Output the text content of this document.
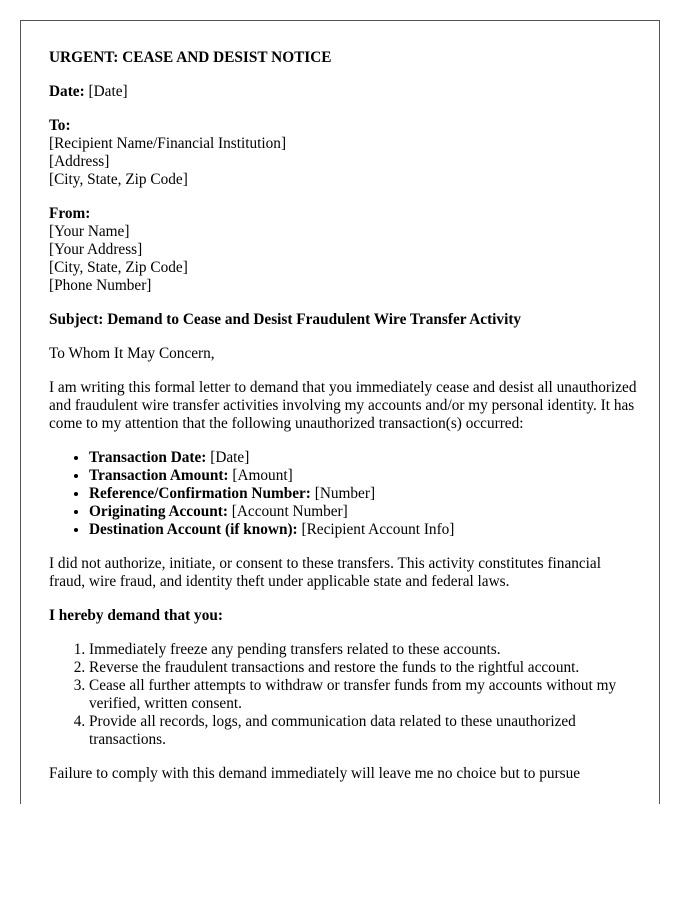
URGENT: CEASE AND DESIST NOTICE

Date: [Date]

To:
[Recipient Name/Financial Institution]
[Address]
[City, State, Zip Code]
From:
[Your Name]
[Your Address]
[City, State, Zip Code]
[Phone Number]

Subject: Demand to Cease and Desist Fraudulent Wire Transfer Activity

To Whom It May Concern,

I am writing this formal letter to demand that you immediately cease and desist all unauthorized and fraudulent wire transfer activities involving my accounts and/or my personal identity. It has come to my attention that the following unauthorized transaction(s) occurred:

• Transaction Date: [Date]
• Transaction Amount: [Amount]
• Reference/Confirmation Number: [Number]
• Originating Account: [Account Number]
• Destination Account (if known): [Recipient Account Info]

I did not authorize, initiate, or consent to these transfers. This activity constitutes financial fraud, wire fraud, and identity theft under applicable state and federal laws.

I hereby demand that you:

1. Immediately freeze any pending transfers related to these accounts.
2. Reverse the fraudulent transactions and restore the funds to the rightful account.
3. Cease all further attempts to withdraw or transfer funds from my accounts without my verified, written consent.
4. Provide all records, logs, and communication data related to these unauthorized transactions.

Failure to comply with this demand immediately will leave me no choice but to pursue
